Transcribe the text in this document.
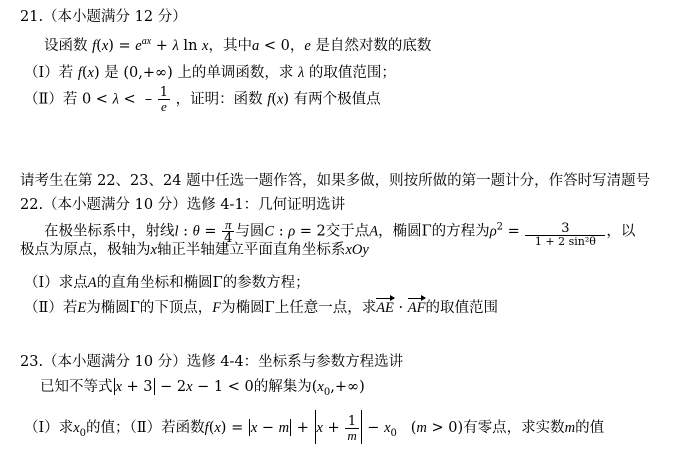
21.（本小题满分 12 分）
设函数 $f(x) = e^{ax} + \lambda$ ln x，其中a < 0，e 是自然对数的底数
（Ⅰ）若 f(x) 是 (0,+∞) 上的单调函数，求 λ 的取值范围；
（Ⅱ）若 0 < λ <  – $\frac{1}{e}$ ，证明：函数 f(x) 有两个极值点
请考生在第 22、23、24 题中任选一题作答，如果多做，则按所做的第一题计分，作答时写清题号
22.（本小题满分 10 分）选修 4-1：几何证明选讲
在极坐标系中，射线l : $\theta = \frac{\pi}{4}$ 与圆C : ρ = 2交于点A，椭圆Γ的方程为$\rho^2 = \frac{3}{\text{1 + 2 sin²θ}}$ ，以
极点为原点，极轴为x轴正半轴建立平面直角坐标系xOy
（Ⅰ）求点A的直角坐标和椭圆Γ的参数方程；
（Ⅱ）若E为椭圆Γ的下顶点，F为椭圆Γ上任意一点，求AE · AF的取值范围
23.（本小题满分 10 分）选修 4-4：坐标系与参数方程选讲
已知不等式 x + 3 − 2x − 1 < 0的解集为$(x_0,+\infty)$
（Ⅰ）求$x_0$的值；（Ⅱ）若函数$f(x) = x - m + x + \frac{1}{m} - x_0$   (m > 0)有零点，求实数m的值
